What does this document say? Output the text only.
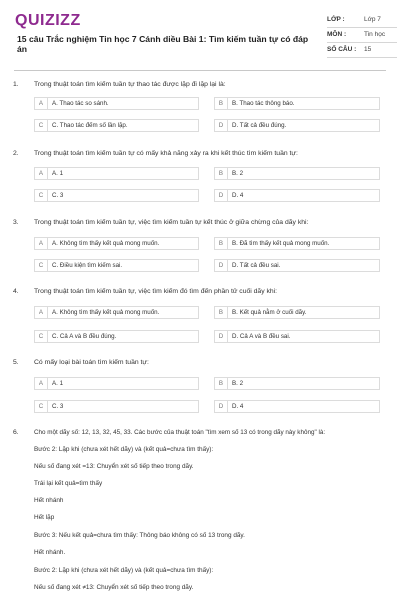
QUIZIZZ
15 câu Trắc nghiệm Tin học 7 Cánh diều Bài 1: Tìm kiếm tuần tự có đáp án
LỚP :	Lớp 7
MÔN :	Tin học
SỐ CÂU : 15
1.	Trong thuật toán tìm kiếm tuần tự thao tác được lặp đi lặp lại là:
A	A. Thao tác so sánh.	B	B. Thao tác thông báo.
C	C. Thao tác đếm số lần lặp.	D	D. Tất cả đều đúng.
2.	Trong thuật toán tìm kiếm tuần tự có mấy khả năng xảy ra khi kết thúc tìm kiếm tuần tự:
A	A. 1	B	B. 2
C	C. 3	D	D. 4
3.	Trong thuật toán tìm kiếm tuần tự, việc tìm kiếm tuần tự kết thúc ở giữa chừng của dãy khi:
A	A. Không tìm thấy kết quả mong muốn.	B	B. Đã tìm thấy kết quả mong muốn.
C	C. Điều kiện tìm kiếm sai.	D	D. Tất cả đều sai.
4.	Trong thuật toán tìm kiếm tuần tự, việc tìm kiếm đó tìm đến phần tử cuối dãy khi:
A	A. Không tìm thấy kết quả mong muốn.	B	B. Kết quả nằm ở cuối dãy.
C	C. Cả A và B đều đúng.	D	D. Cả A và B đều sai.
5.	Có mấy loại bài toán tìm kiếm tuần tự:
A	A. 1	B	B. 2
C	C. 3	D	D. 4
6.	Cho một dãy số: 12, 13, 32, 45, 33. Các bước của thuật toán "tìm xem số 13 có trong dãy này không" là:
Bước 2: Lặp khi (chưa xét hết dãy) và (kết quả=chưa tìm thấy):
Nếu số đang xét =13: Chuyển xét số tiếp theo trong dãy.
Trái lại kết quả=tìm thấy
Hết nhánh
Hết lặp
Bước 3: Nếu kết quả=chưa tìm thấy: Thông báo không có số 13 trong dãy.
Hết nhánh.
Bước 2: Lặp khi (chưa xét hết dãy) và (kết quả=chưa tìm thấy):
Nếu số đang xét ≠13: Chuyển xét số tiếp theo trong dãy.
